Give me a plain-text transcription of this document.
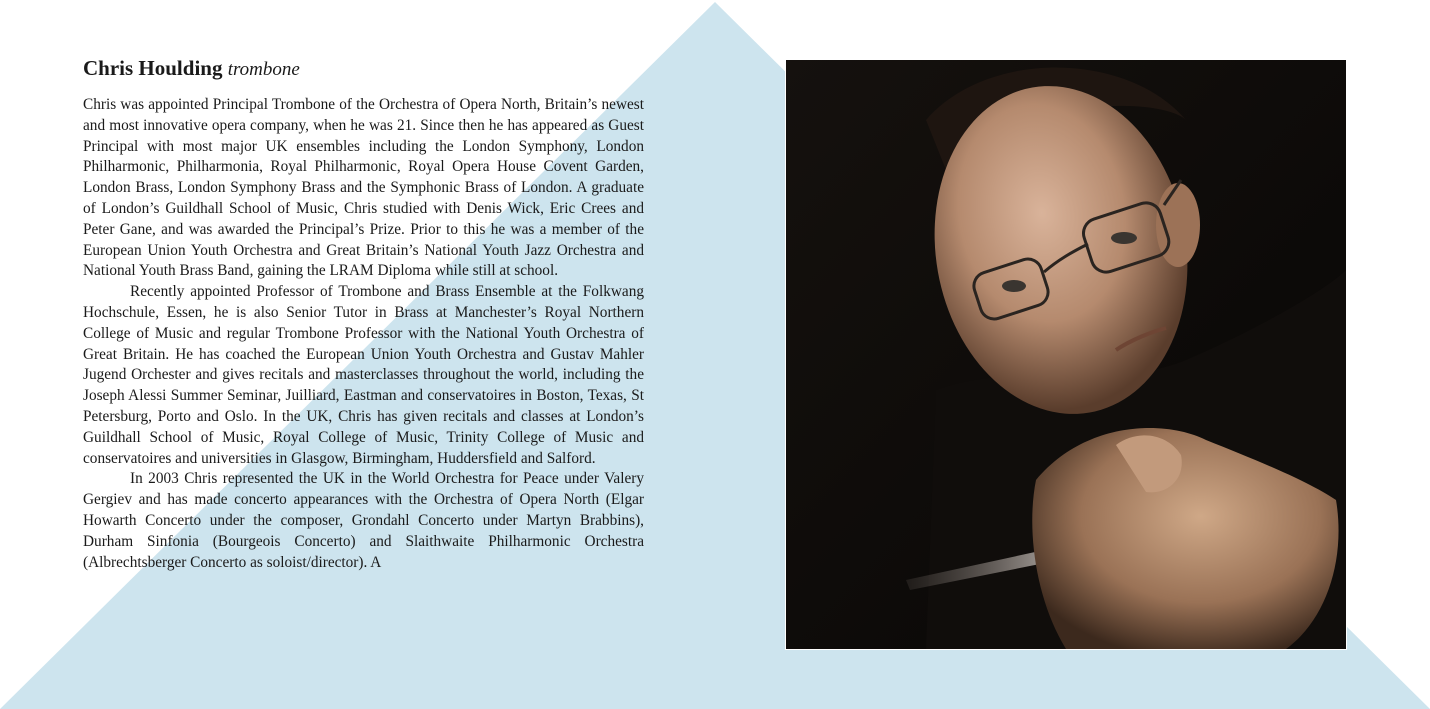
Chris Houlding trombone

Chris was appointed Principal Trombone of the Orchestra of Opera North, Britain’s newest and most innovative opera company, when he was 21. Since then he has appeared as Guest Principal with most major UK ensembles including the London Symphony, London Philharmonic, Philharmonia, Royal Philharmonic, Royal Opera House Covent Garden, London Brass, London Symphony Brass and the Symphonic Brass of London. A graduate of London’s Guildhall School of Music, Chris studied with Denis Wick, Eric Crees and Peter Gane, and was awarded the Principal’s Prize. Prior to this he was a member of the European Union Youth Orchestra and Great Britain’s National Youth Jazz Orchestra and National Youth Brass Band, gaining the LRAM Diploma while still at school.

Recently appointed Professor of Trombone and Brass Ensemble at the Folkwang Hochschule, Essen, he is also Senior Tutor in Brass at Manchester’s Royal Northern College of Music and regular Trombone Professor with the National Youth Orchestra of Great Britain. He has coached the European Union Youth Orchestra and Gustav Mahler Jugend Orchester and gives recitals and masterclasses throughout the world, including the Joseph Alessi Summer Seminar, Juilliard, Eastman and conservatoires in Boston, Texas, St Petersburg, Porto and Oslo. In the UK, Chris has given recitals and classes at London’s Guildhall School of Music, Royal College of Music, Trinity College of Music and conservatoires and universities in Glasgow, Birmingham, Huddersfield and Salford.

In 2003 Chris represented the UK in the World Orchestra for Peace under Valery Gergiev and has made concerto appearances with the Orchestra of Opera North (Elgar Howarth Concerto under the composer, Grondahl Concerto under Martyn Brabbins), Durham Sinfonia (Bourgeois Concerto) and Slaithwaite Philharmonic Orchestra (Albrechtsberger Concerto as soloist/director). A
